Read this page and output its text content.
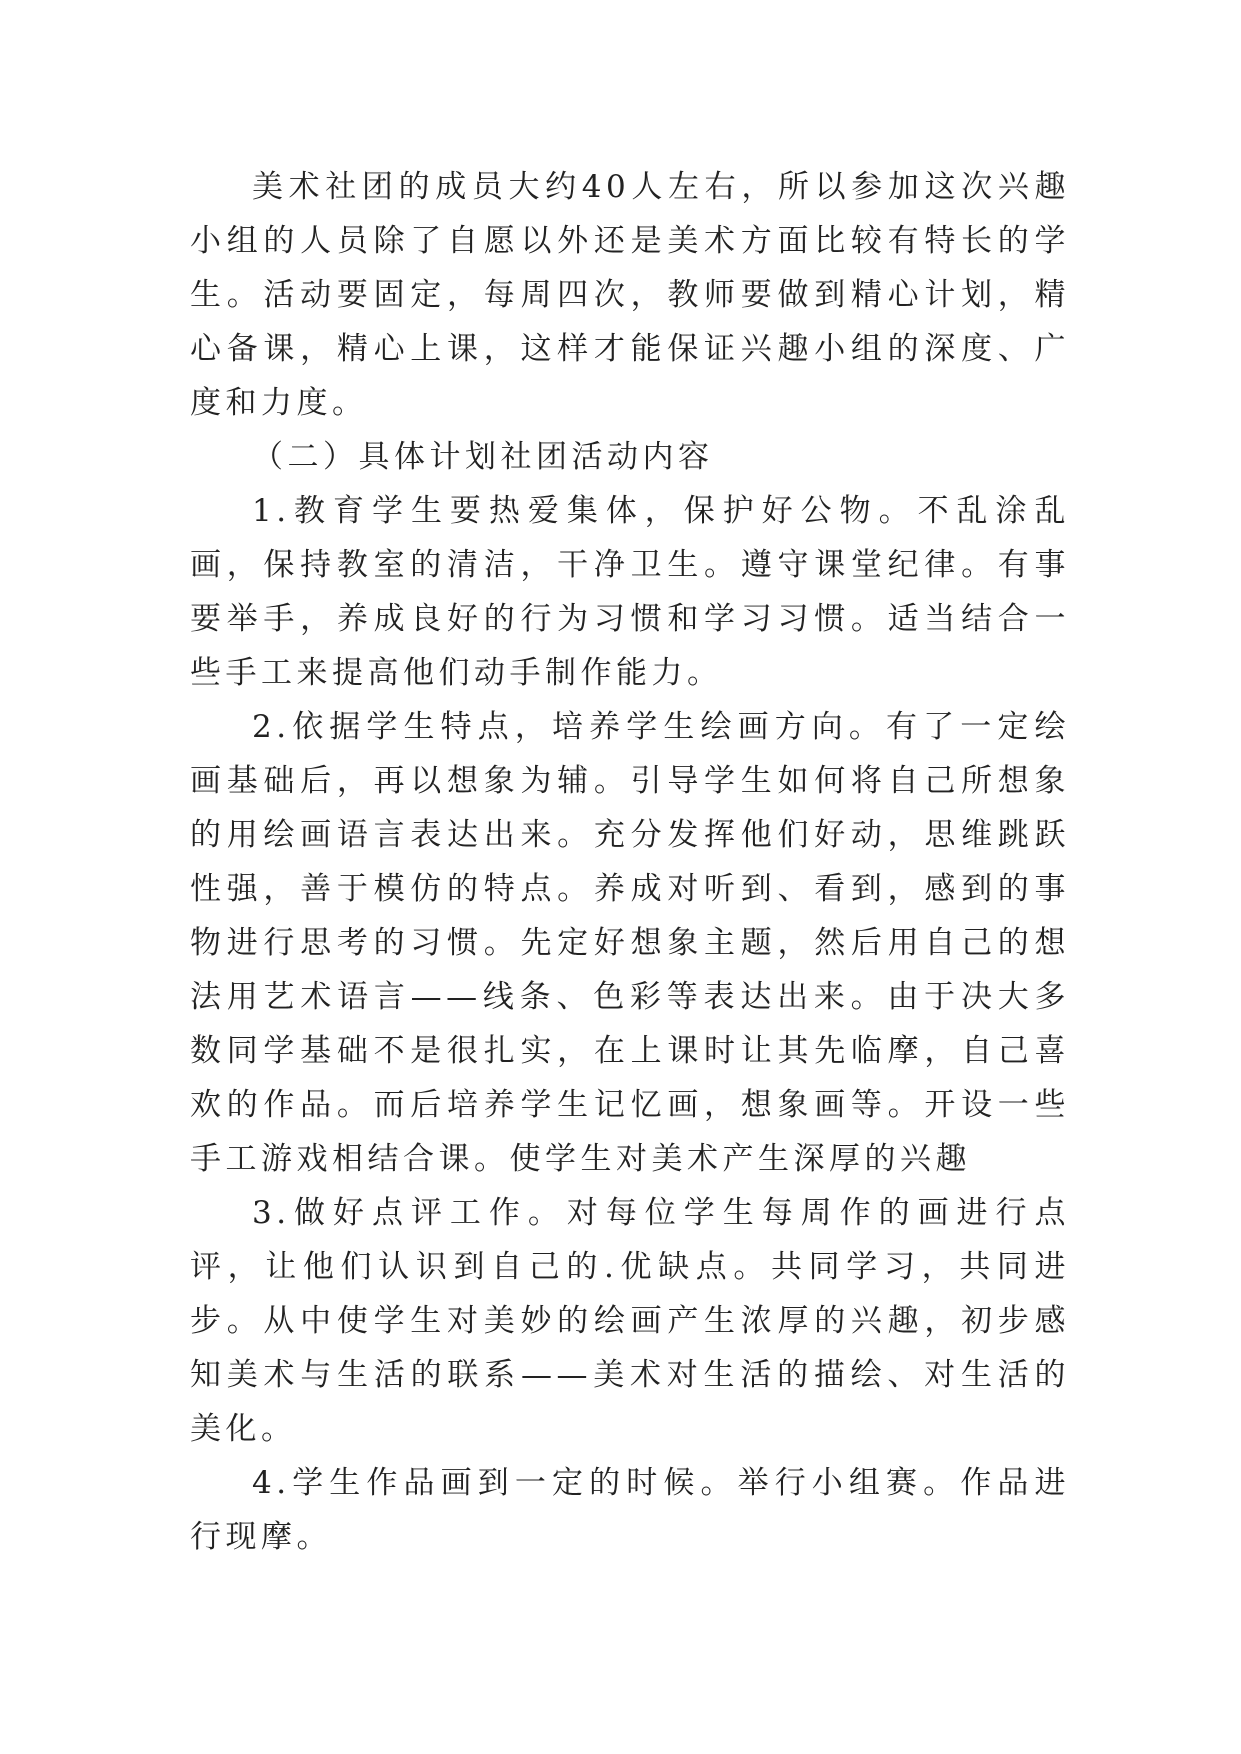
美术社团的成员大约40人左右，所以参加这次兴趣小组的人员除了自愿以外还是美术方面比较有特长的学生。活动要固定，每周四次，教师要做到精心计划，精心备课，精心上课，这样才能保证兴趣小组的深度、广度和力度。

（二）具体计划社团活动内容

1.教育学生要热爱集体，保护好公物。不乱涂乱画，保持教室的清洁，干净卫生。遵守课堂纪律。有事要举手，养成良好的行为习惯和学习习惯。适当结合一些手工来提高他们动手制作能力。

2.依据学生特点，培养学生绘画方向。有了一定绘画基础后，再以想象为辅。引导学生如何将自己所想象的用绘画语言表达出来。充分发挥他们好动，思维跳跃性强，善于模仿的特点。养成对听到、看到，感到的事物进行思考的习惯。先定好想象主题，然后用自己的想法用艺术语言——线条、色彩等表达出来。由于决大多数同学基础不是很扎实，在上课时让其先临摩，自己喜欢的作品。而后培养学生记忆画，想象画等。开设一些手工游戏相结合课。使学生对美术产生深厚的兴趣

3.做好点评工作。对每位学生每周作的画进行点评，让他们认识到自己的.优缺点。共同学习，共同进步。从中使学生对美妙的绘画产生浓厚的兴趣，初步感知美术与生活的联系——美术对生活的描绘、对生活的美化。

4.学生作品画到一定的时候。举行小组赛。作品进行现摩。
